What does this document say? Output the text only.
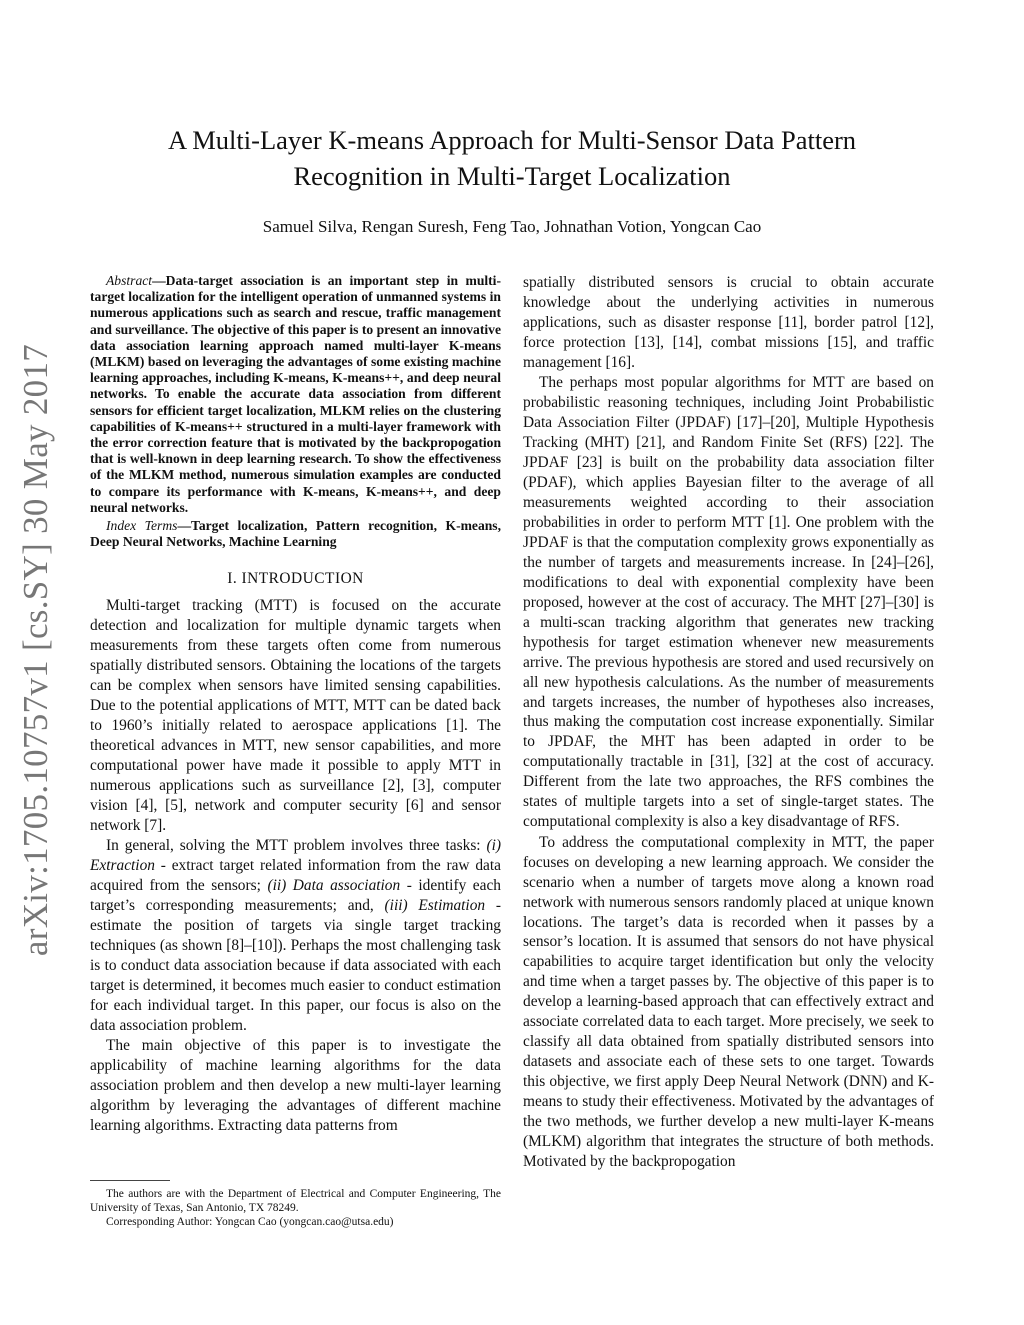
arXiv:1705.10757v1 [cs.SY] 30 May 2017
A Multi-Layer K-means Approach for Multi-Sensor Data Pattern
Recognition in Multi-Target Localization
Samuel Silva, Rengan Suresh, Feng Tao, Johnathan Votion, Yongcan Cao

Abstract—Data-target association is an important step in multi-target localization for the intelligent operation of unmanned systems in numerous applications such as search and rescue, traffic management and surveillance. The objective of this paper is to present an innovative data association learning approach named multi-layer K-means (MLKM) based on leveraging the advantages of some existing machine learning approaches, including K-means, K-means++, and deep neural networks. To enable the accurate data association from different sensors for efficient target localization, MLKM relies on the clustering capabilities of K-means++ structured in a multi-layer framework with the error correction feature that is motivated by the backpropogation that is well-known in deep learning research. To show the effectiveness of the MLKM method, numerous simulation examples are conducted to compare its performance with K-means, K-means++, and deep neural networks.

Index Terms—Target localization, Pattern recognition, K-means, Deep Neural Networks, Machine Learning

I. INTRODUCTION

Multi-target tracking (MTT) is focused on the accurate detection and localization for multiple dynamic targets when measurements from these targets often come from numerous spatially distributed sensors. Obtaining the locations of the targets can be complex when sensors have limited sensing capabilities. Due to the potential applications of MTT, MTT can be dated back to 1960’s initially related to aerospace applications [1]. The theoretical advances in MTT, new sensor capabilities, and more computational power have made it possible to apply MTT in numerous applications such as surveillance [2], [3], computer vision [4], [5], network and computer security [6] and sensor network [7].

In general, solving the MTT problem involves three tasks: (i) Extraction - extract target related information from the raw data acquired from the sensors; (ii) Data association - identify each target’s corresponding measurements; and, (iii) Estimation - estimate the position of targets via single target tracking techniques (as shown [8]–[10]). Perhaps the most challenging task is to conduct data association because if data associated with each target is determined, it becomes much easier to conduct estimation for each individual target. In this paper, our focus is also on the data association problem.

The main objective of this paper is to investigate the applicability of machine learning algorithms for the data association problem and then develop a new multi-layer learning algorithm by leveraging the advantages of different machine learning algorithms. Extracting data patterns from

The authors are with the Department of Electrical and Computer Engineering, The University of Texas, San Antonio, TX 78249.

Corresponding Author: Yongcan Cao (yongcan.cao@utsa.edu)

spatially distributed sensors is crucial to obtain accurate knowledge about the underlying activities in numerous applications, such as disaster response [11], border patrol [12], force protection [13], [14], combat missions [15], and traffic management [16].

The perhaps most popular algorithms for MTT are based on probabilistic reasoning techniques, including Joint Probabilistic Data Association Filter (JPDAF) [17]–[20], Multiple Hypothesis Tracking (MHT) [21], and Random Finite Set (RFS) [22]. The JPDAF [23] is built on the probability data association filter (PDAF), which applies Bayesian filter to the average of all measurements weighted according to their association probabilities in order to perform MTT [1]. One problem with the JPDAF is that the computation complexity grows exponentially as the number of targets and measurements increase. In [24]–[26], modifications to deal with exponential complexity have been proposed, however at the cost of accuracy. The MHT [27]–[30] is a multi-scan tracking algorithm that generates new tracking hypothesis for target estimation whenever new measurements arrive. The previous hypothesis are stored and used recursively on all new hypothesis calculations. As the number of measurements and targets increases, the number of hypotheses also increases, thus making the computation cost increase exponentially. Similar to JPDAF, the MHT has been adapted in order to be computationally tractable in [31], [32] at the cost of accuracy. Different from the late two approaches, the RFS combines the states of multiple targets into a set of single-target states. The computational complexity is also a key disadvantage of RFS.

To address the computational complexity in MTT, the paper focuses on developing a new learning approach. We consider the scenario when a number of targets move along a known road network with numerous sensors randomly placed at unique known locations. The target’s data is recorded when it passes by a sensor’s location. It is assumed that sensors do not have physical capabilities to acquire target identification but only the velocity and time when a target passes by. The objective of this paper is to develop a learning-based approach that can effectively extract and associate correlated data to each target. More precisely, we seek to classify all data obtained from spatially distributed sensors into datasets and associate each of these sets to one target. Towards this objective, we first apply Deep Neural Network (DNN) and K-means to study their effectiveness. Motivated by the advantages of the two methods, we further develop a new multi-layer K-means (MLKM) algorithm that integrates the structure of both methods. Motivated by the backpropogation
